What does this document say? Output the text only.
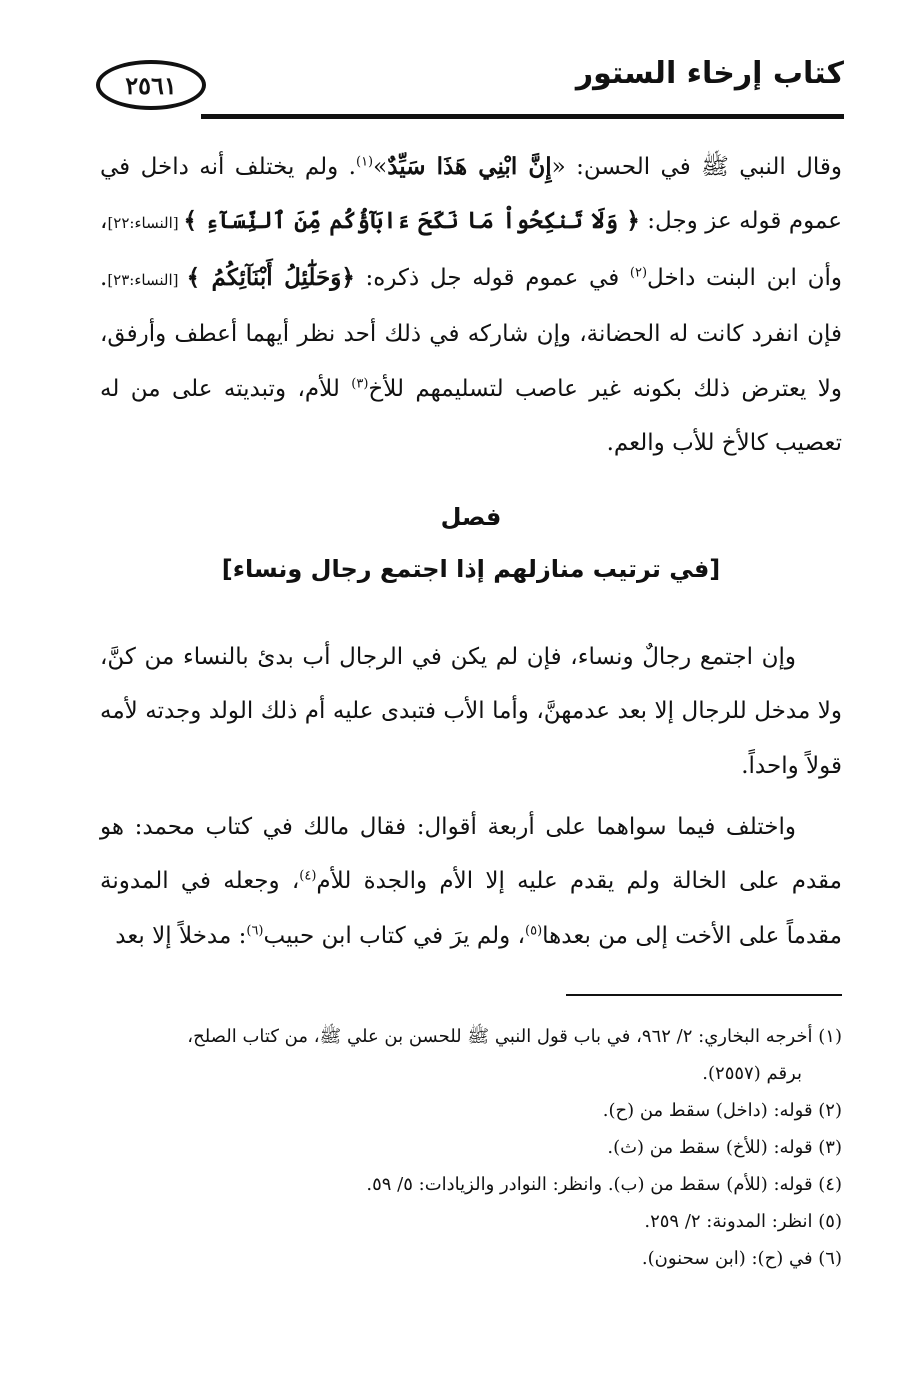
٢٥٦١	كتاب إرخاء الستور

وقال النبي ﷺ في الحسن: «إِنَّ ابْنِي هَذَا سَيِّدٌ»$^{(١)}$. ولم يختلف أنه داخل في عموم قوله عز وجل: ﴿ وَلَا تَنكِحُواْ مَا نَكَحَ ءَابَآؤُكُم مِّنَ ٱلنِّسَآءِ ﴾ [النساء:٢٢]، وأن ابن البنت داخل$^{(٢)}$ في عموم قوله جل ذكره: ﴿وَحَلَٰٓئِلُ أَبْنَآئِكُمُ ﴾ [النساء:٢٣]. فإن انفرد كانت له الحضانة، وإن شاركه في ذلك أحد نظر أيهما أعطف وأرفق، ولا يعترض ذلك بكونه غير عاصب لتسليمهم للأخ$^{(٣)}$ للأم، وتبديته على من له تعصيب كالأخ للأب والعم.

فصل
[في ترتيب منازلهم إذا اجتمع رجال ونساء]

وإن اجتمع رجالٌ ونساء، فإن لم يكن في الرجال أب بدئ بالنساء من كنَّ، ولا مدخل للرجال إلا بعد عدمهنَّ، وأما الأب فتبدى عليه أم ذلك الولد وجدته لأمه قولاً واحداً.

واختلف فيما سواهما على أربعة أقوال: فقال مالك في كتاب محمد: هو مقدم على الخالة ولم يقدم عليه إلا الأم والجدة للأم$^{(٤)}$، وجعله في المدونة مقدماً على الأخت إلى من بعدها$^{(٥)}$، ولم يرَ في كتاب ابن حبيب$^{(٦)}$: مدخلاً إلا بعد

(١) أخرجه البخاري: ٢/ ٩٦٢، في باب قول النبي ﷺ للحسن بن علي ﷺ، من كتاب الصلح،

برقم (٢٥٥٧).

(٢) قوله: (داخل) سقط من (ح).

(٣) قوله: (للأخ) سقط من (ث).

(٤) قوله: (للأم) سقط من (ب). وانظر: النوادر والزيادات: ٥/ ٥٩.

(٥) انظر: المدونة: ٢/ ٢٥٩.

(٦) في (ح): (ابن سحنون).
